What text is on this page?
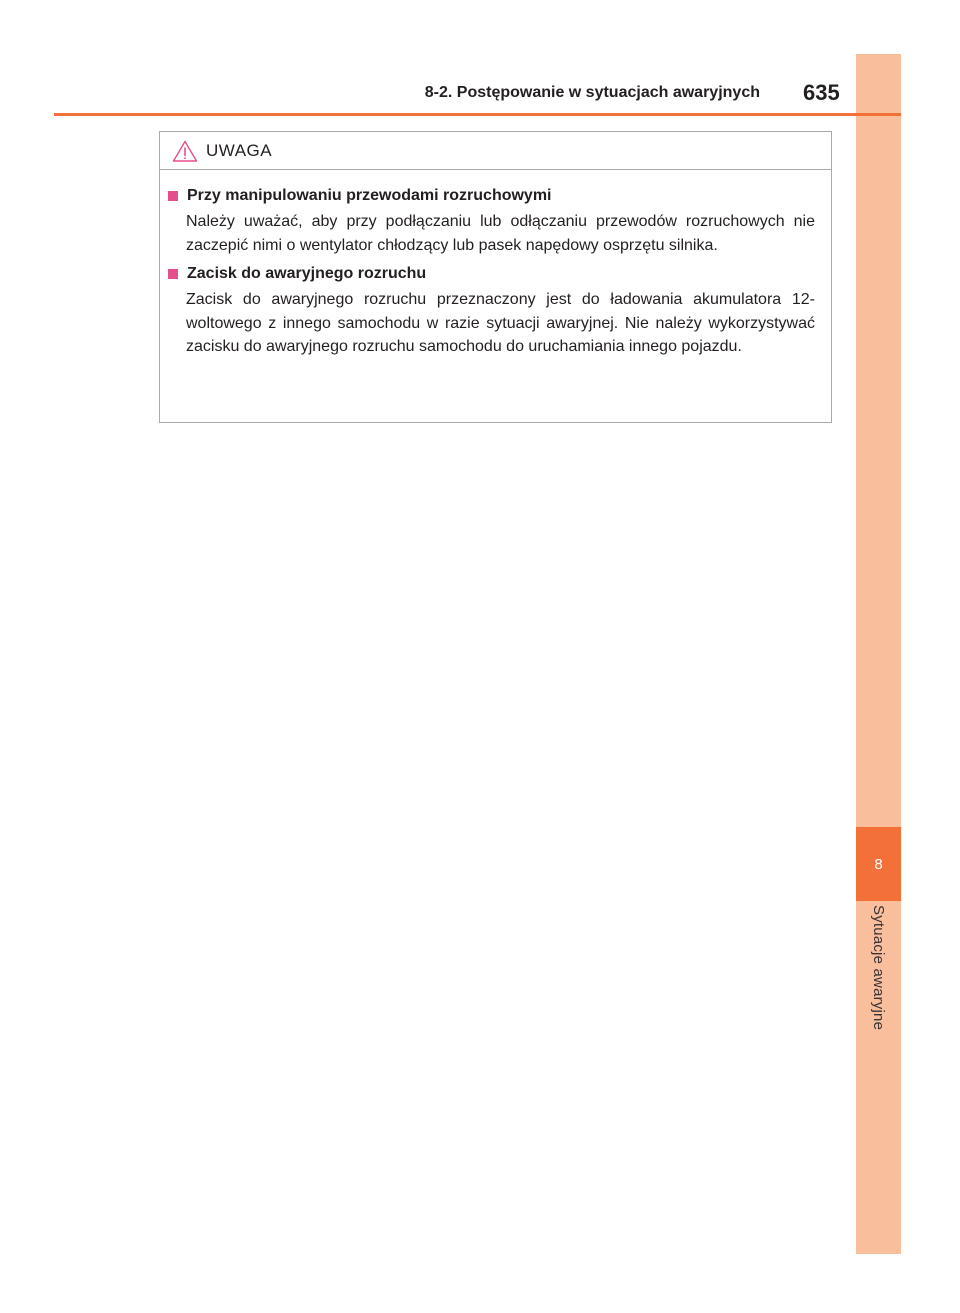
8
Sytuacje awaryjne
8-2. Postępowanie w sytuacjach awaryjnych 635
UWAGA
Przy manipulowaniu przewodami rozruchowymi
Należy uważać, aby przy podłączaniu lub odłączaniu przewodów rozruchowych nie zaczepić nimi o wentylator chłodzący lub pasek napędowy osprzętu silnika.
Zacisk do awaryjnego rozruchu
Zacisk do awaryjnego rozruchu przeznaczony jest do ładowania akumulatora 12-woltowego z innego samochodu w razie sytuacji awaryjnej. Nie należy wykorzystywać zacisku do awaryjnego rozruchu samochodu do uruchamiania innego pojazdu.
